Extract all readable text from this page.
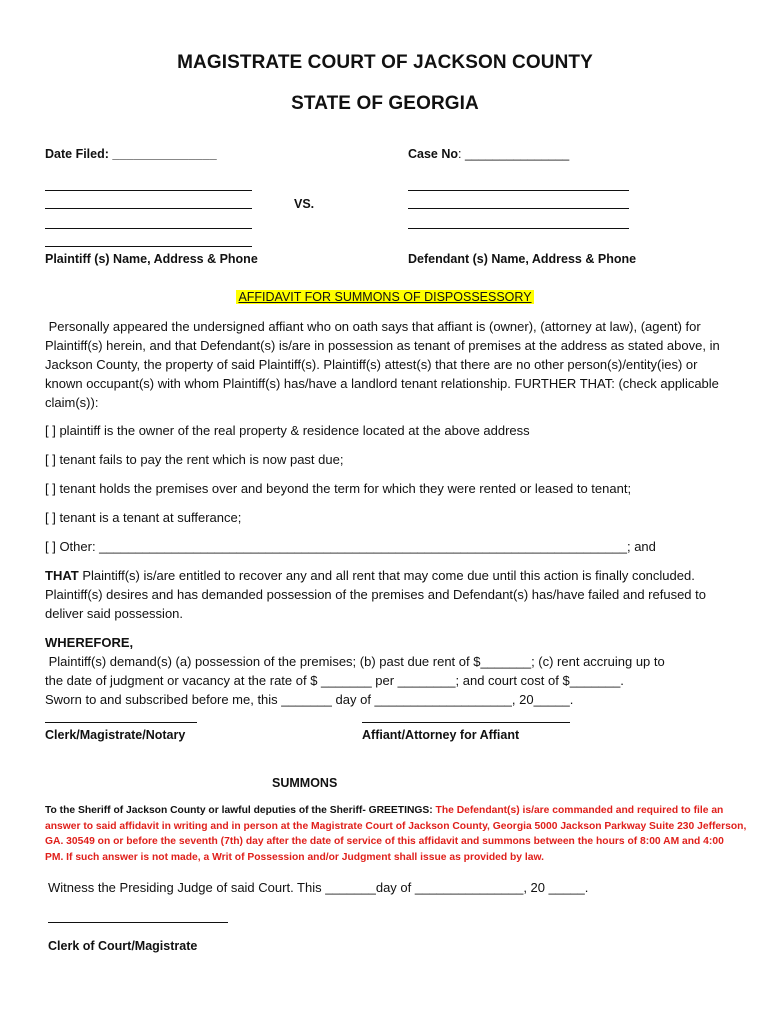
MAGISTRATE COURT OF JACKSON COUNTY
STATE OF GEORGIA
Date Filed: _______________	Case No: _______________
VS.
Plaintiff (s) Name, Address & Phone	Defendant (s) Name, Address & Phone
AFFIDAVIT FOR SUMMONS OF DISPOSSESSORY
Personally appeared the undersigned affiant who on oath says that affiant is (owner), (attorney at law), (agent) for
Plaintiff(s) herein, and that Defendant(s) is/are in possession as tenant of premises at the address as stated above, in
Jackson County, the property of said Plaintiff(s). Plaintiff(s) attest(s) that there are no other person(s)/entity(ies) or
known occupant(s) with whom Plaintiff(s) has/have a landlord tenant relationship. FURTHER THAT: (check applicable
claim(s)):
[ ] plaintiff is the owner of the real property & residence located at the above address
[ ] tenant fails to pay the rent which is now past due;
[ ] tenant holds the premises over and beyond the term for which they were rented or leased to tenant;
[ ] tenant is a tenant at sufferance;
[ ] Other: _________________________________________________________________________; and
THAT Plaintiff(s) is/are entitled to recover any and all rent that may come due until this action is finally concluded.
Plaintiff(s) desires and has demanded possession of the premises and Defendant(s) has/have failed and refused to
deliver said possession.
WHEREFORE, Plaintiff(s) demand(s) (a) possession of the premises; (b) past due rent of $_______; (c) rent accruing up to
the date of judgment or vacancy at the rate of $ _______ per ________; and court cost of $_______.
Sworn to and subscribed before me, this _______ day of ___________________, 20_____.
Clerk/Magistrate/Notary	Affiant/Attorney for Affiant
SUMMONS
To the Sheriff of Jackson County or lawful deputies of the Sheriff- GREETINGS: The Defendant(s) is/are commanded and required to file an
answer to said affidavit in writing and in person at the Magistrate Court of Jackson County, Georgia 5000 Jackson Parkway Suite 230 Jefferson,
GA. 30549 on or before the seventh (7th) day after the date of service of this affidavit and summons between the hours of 8:00 AM and 4:00
PM. If such answer is not made, a Writ of Possession and/or Judgment shall issue as provided by law.
Witness the Presiding Judge of said Court. This _______day of _______________, 20 _____.
Clerk of Court/Magistrate
